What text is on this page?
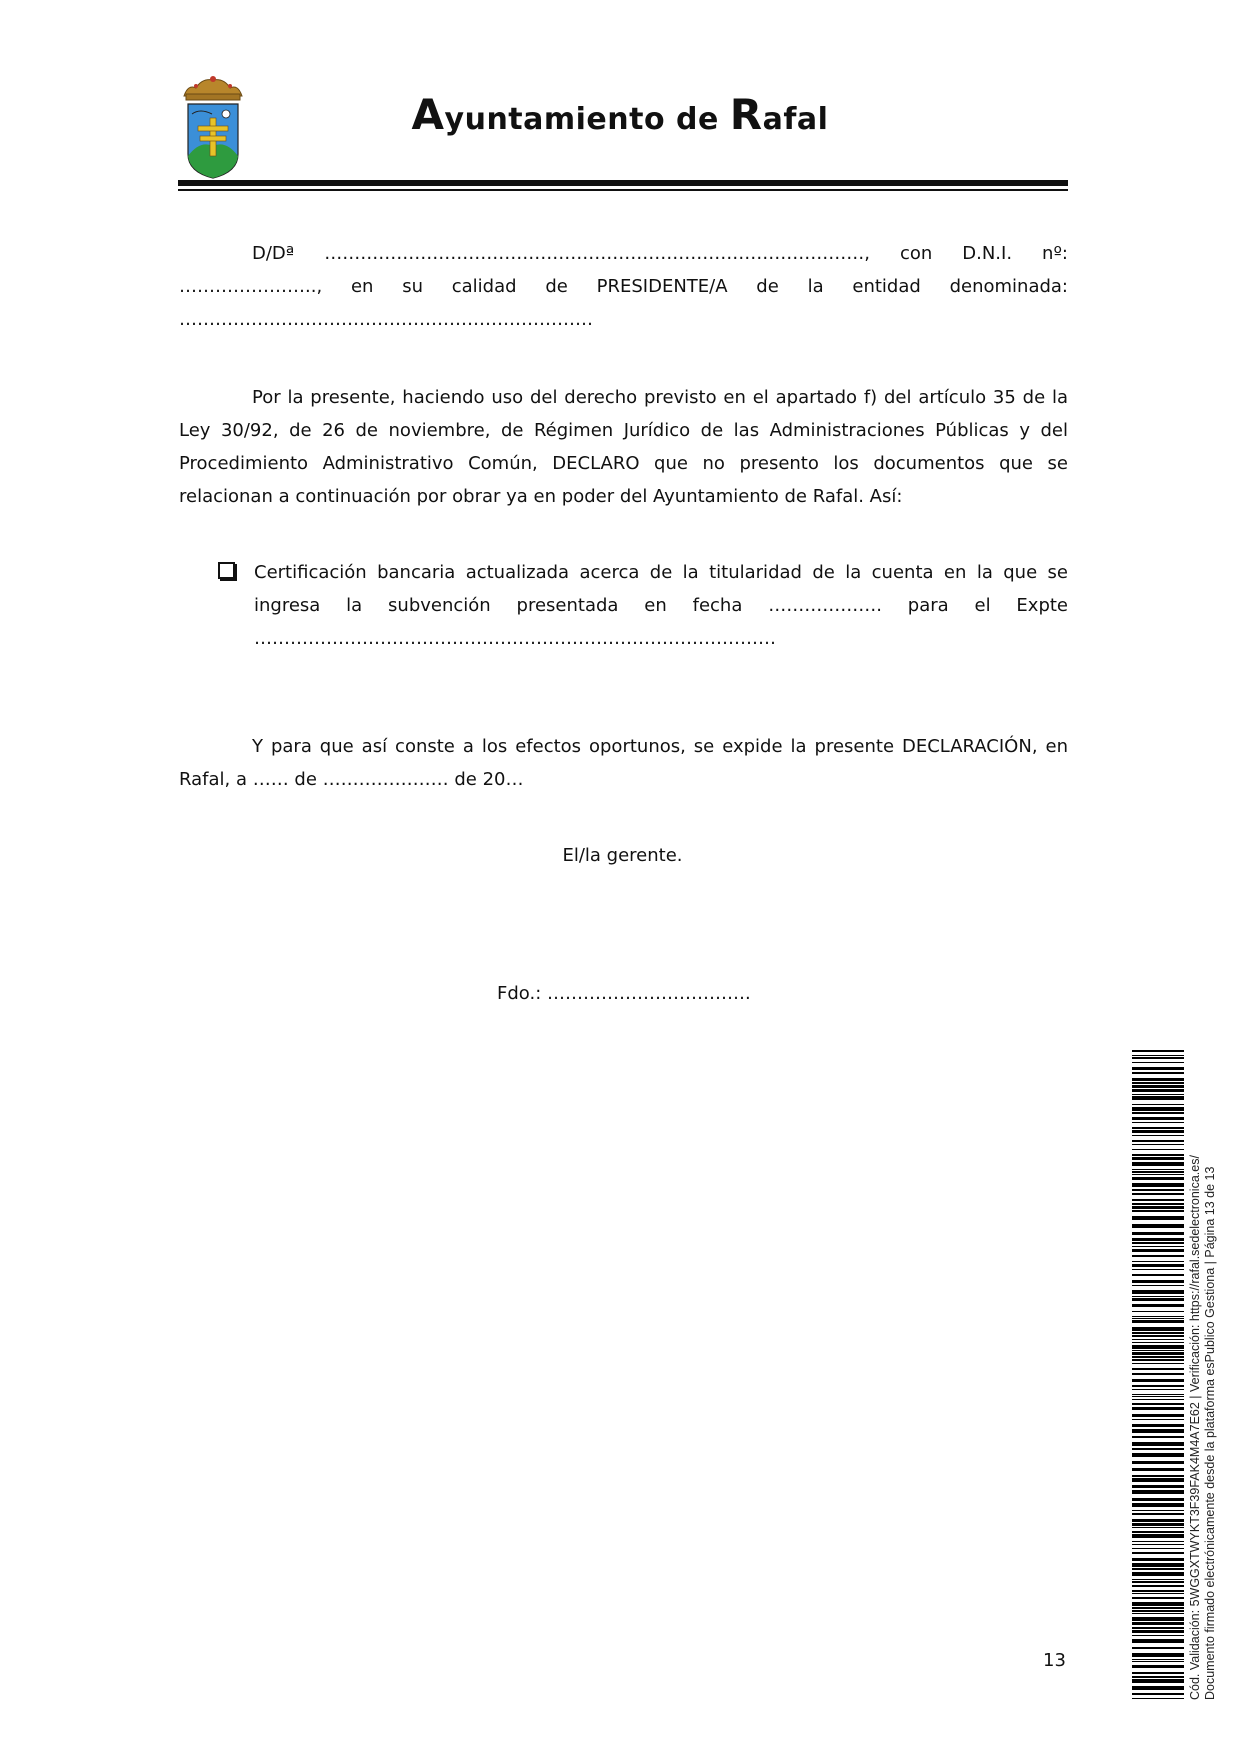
Ayuntamiento de Rafal
D/Dª ………………………………………………………………………………, con D.N.I. nº: ………………….., en su calidad de PRESIDENTE/A de la entidad denominada: ……………………………………………………………
Por la presente, haciendo uso del derecho previsto en el apartado f) del artículo 35 de la Ley 30/92, de 26 de noviembre, de Régimen Jurídico de las Administraciones Públicas y del Procedimiento Administrativo Común, DECLARO que no presento los documentos que se relacionan a continuación por obrar ya en poder del Ayuntamiento de Rafal. Así:
Certificación bancaria actualizada acerca de la titularidad de la cuenta en la que se ingresa la subvención presentada en fecha ………………. para el Expte ……………………………………………………………………………
Y para que así conste a los efectos oportunos, se expide la presente DECLARACIÓN, en Rafal, a …… de ………………… de 20…
El/la gerente.
Fdo.: …………………………….
13	Cód. Validación: 5WGGXTWYKT3F39FAK4M4A7E62 | Verificación: https://rafal.sedelectronica.es/ Documento firmado electrónicamente desde la plataforma esPublico Gestiona | Página 13 de 13
